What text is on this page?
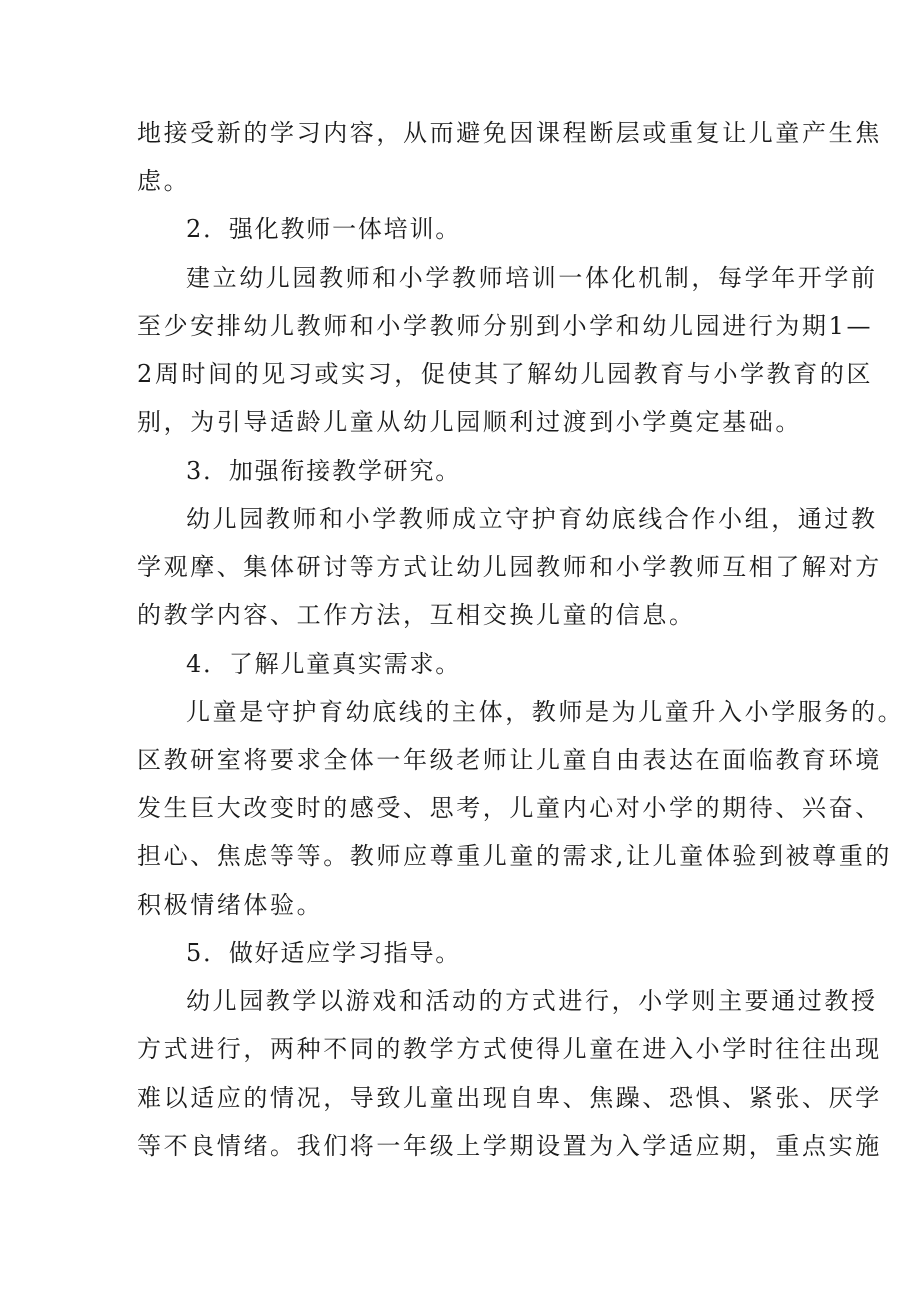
地接受新的学习内容，从而避免因课程断层或重复让儿童产生焦
虑。
2．强化教师一体培训。
建立幼儿园教师和小学教师培训一体化机制，每学年开学前
至少安排幼儿教师和小学教师分别到小学和幼儿园进行为期1—
2周时间的见习或实习，促使其了解幼儿园教育与小学教育的区
别，为引导适龄儿童从幼儿园顺利过渡到小学奠定基础。
3．加强衔接教学研究。
幼儿园教师和小学教师成立守护育幼底线合作小组，通过教
学观摩、集体研讨等方式让幼儿园教师和小学教师互相了解对方
的教学内容、工作方法，互相交换儿童的信息。
4．了解儿童真实需求。
儿童是守护育幼底线的主体，教师是为儿童升入小学服务的。
区教研室将要求全体一年级老师让儿童自由表达在面临教育环境
发生巨大改变时的感受、思考，儿童内心对小学的期待、兴奋、
担心、焦虑等等。教师应尊重儿童的需求,让儿童体验到被尊重的
积极情绪体验。
5．做好适应学习指导。
幼儿园教学以游戏和活动的方式进行，小学则主要通过教授
方式进行，两种不同的教学方式使得儿童在进入小学时往往出现
难以适应的情况，导致儿童出现自卑、焦躁、恐惧、紧张、厌学
等不良情绪。我们将一年级上学期设置为入学适应期，重点实施
